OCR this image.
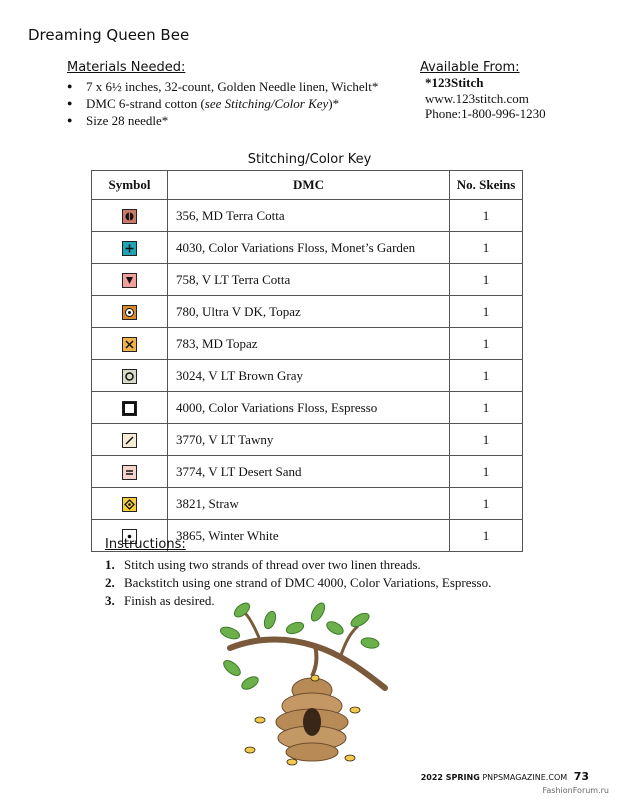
Dreaming Queen Bee
Materials Needed:
● 7 x 6½ inches, 32-count, Golden Needle linen, Wichelt*
● DMC 6-strand cotton (see Stitching/Color Key)*
● Size 28 needle*
Available From:
*123Stitch
www.123stitch.com
Phone:1-800-996-1230
Stitching/Color Key
Symbol	DMC	No. Skeins
	356, MD Terra Cotta	1
	4030, Color Variations Floss, Monet’s Garden	1
	758, V LT Terra Cotta	1
	780, Ultra V DK, Topaz	1
	783, MD Topaz	1
	3024, V LT Brown Gray	1
	4000, Color Variations Floss, Espresso	1
	3770, V LT Tawny	1
	3774, V LT Desert Sand	1
	3821, Straw	1
	3865, Winter White	1
Instructions:
1. Stitch using two strands of thread over two linen threads.
2. Backstitch using one strand of DMC 4000, Color Variations, Espresso.
3. Finish as desired.
2022 SPRING PNPSMAGAZINE.COM 73
FashionForum.ru
